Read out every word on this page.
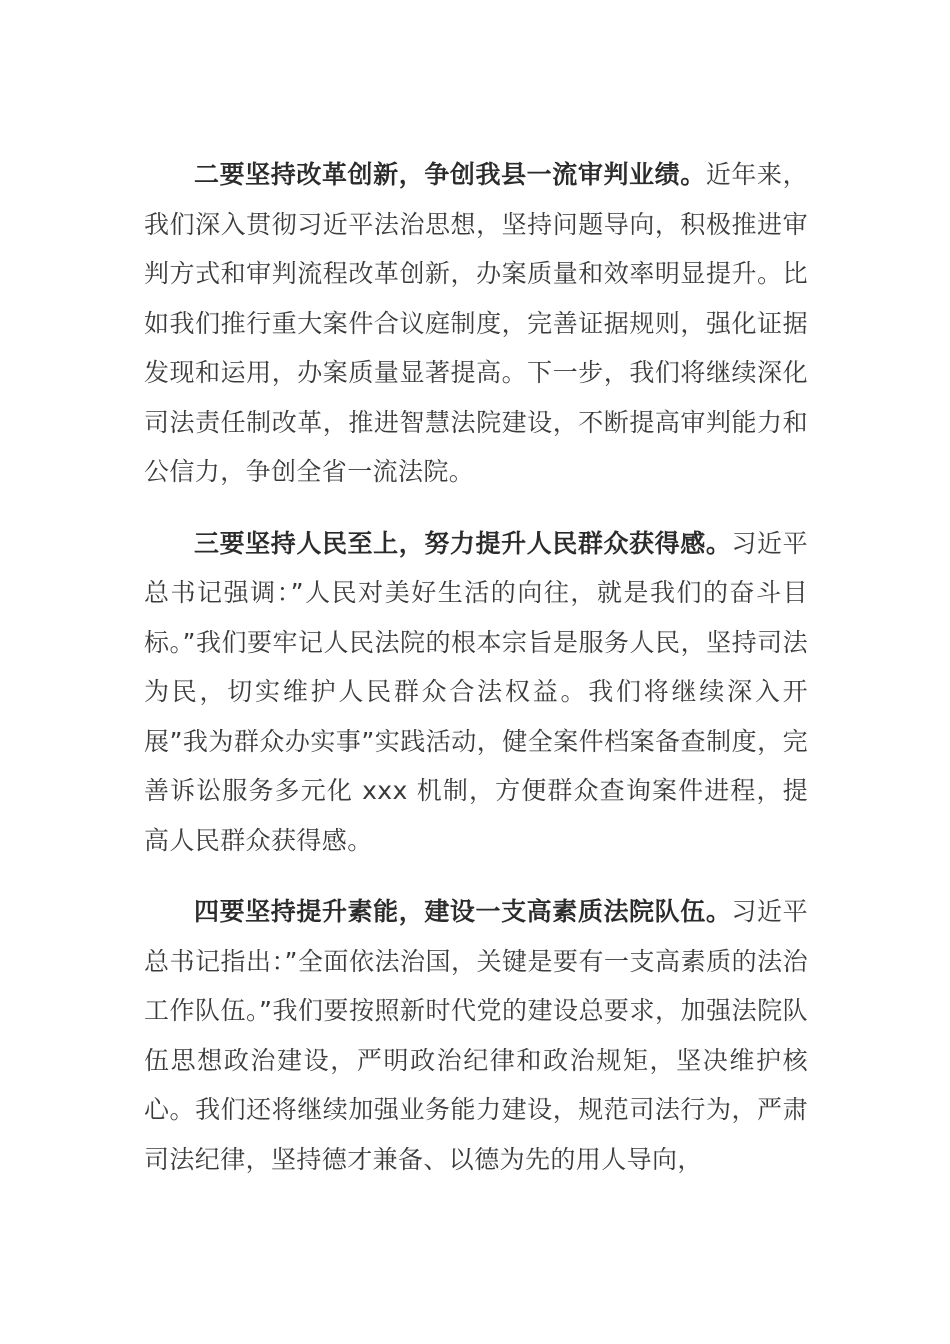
二要坚持改革创新，争创我县一流审判业绩。近年来，我们深入贯彻习近平法治思想，坚持问题导向，积极推进审判方式和审判流程改革创新，办案质量和效率明显提升。比如我们推行重大案件合议庭制度，完善证据规则，强化证据发现和运用，办案质量显著提高。下一步，我们将继续深化司法责任制改革，推进智慧法院建设，不断提高审判能力和公信力，争创全省一流法院。

三要坚持人民至上，努力提升人民群众获得感。习近平总书记强调：”人民对美好生活的向往，就是我们的奋斗目标。”我们要牢记人民法院的根本宗旨是服务人民，坚持司法为民，切实维护人民群众合法权益。我们将继续深入开展”我为群众办实事”实践活动，健全案件档案备查制度，完善诉讼服务多元化 xxx 机制，方便群众查询案件进程，提高人民群众获得感。

四要坚持提升素能，建设一支高素质法院队伍。习近平总书记指出：”全面依法治国，关键是要有一支高素质的法治工作队伍。”我们要按照新时代党的建设总要求，加强法院队伍思想政治建设，严明政治纪律和政治规矩，坚决维护核心。我们还将继续加强业务能力建设，规范司法行为，严肃司法纪律，坚持德才兼备、以德为先的用人导向，
